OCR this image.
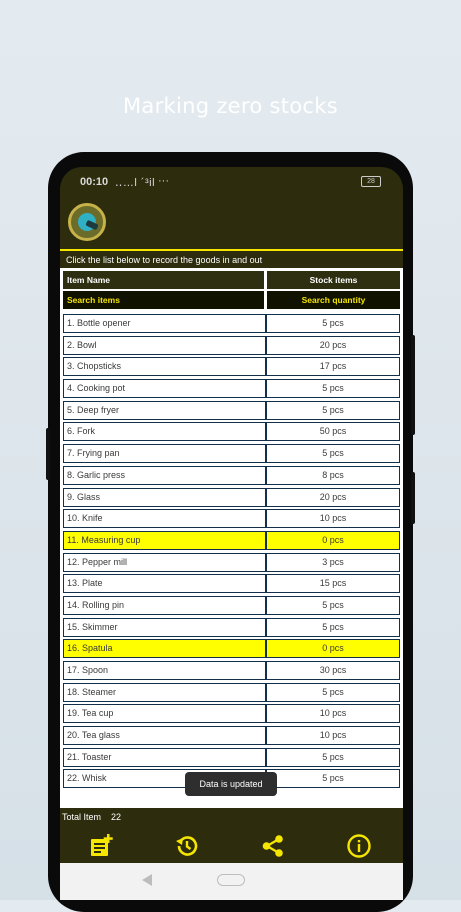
Marking zero stocks
00:10 ‥…l ´³il ···	28
Click the list below to record the goods in and out
Item Name	Stock items
Search items	Search quantity
1. Bottle opener	5 pcs
2. Bowl	20 pcs
3. Chopsticks	17 pcs
4. Cooking pot	5 pcs
5. Deep fryer	5 pcs
6. Fork	50 pcs
7. Frying pan	5 pcs
8. Garlic press	8 pcs
9. Glass	20 pcs
10. Knife	10 pcs
11. Measuring cup	0 pcs
12. Pepper mill	3 pcs
13. Plate	15 pcs
14. Rolling pin	5 pcs
15. Skimmer	5 pcs
16. Spatula	0 pcs
17. Spoon	30 pcs
18. Steamer	5 pcs
19. Tea cup	10 pcs
20. Tea glass	10 pcs
21. Toaster	5 pcs
22. Whisk	5 pcs
Data is updated
Total Item 22
